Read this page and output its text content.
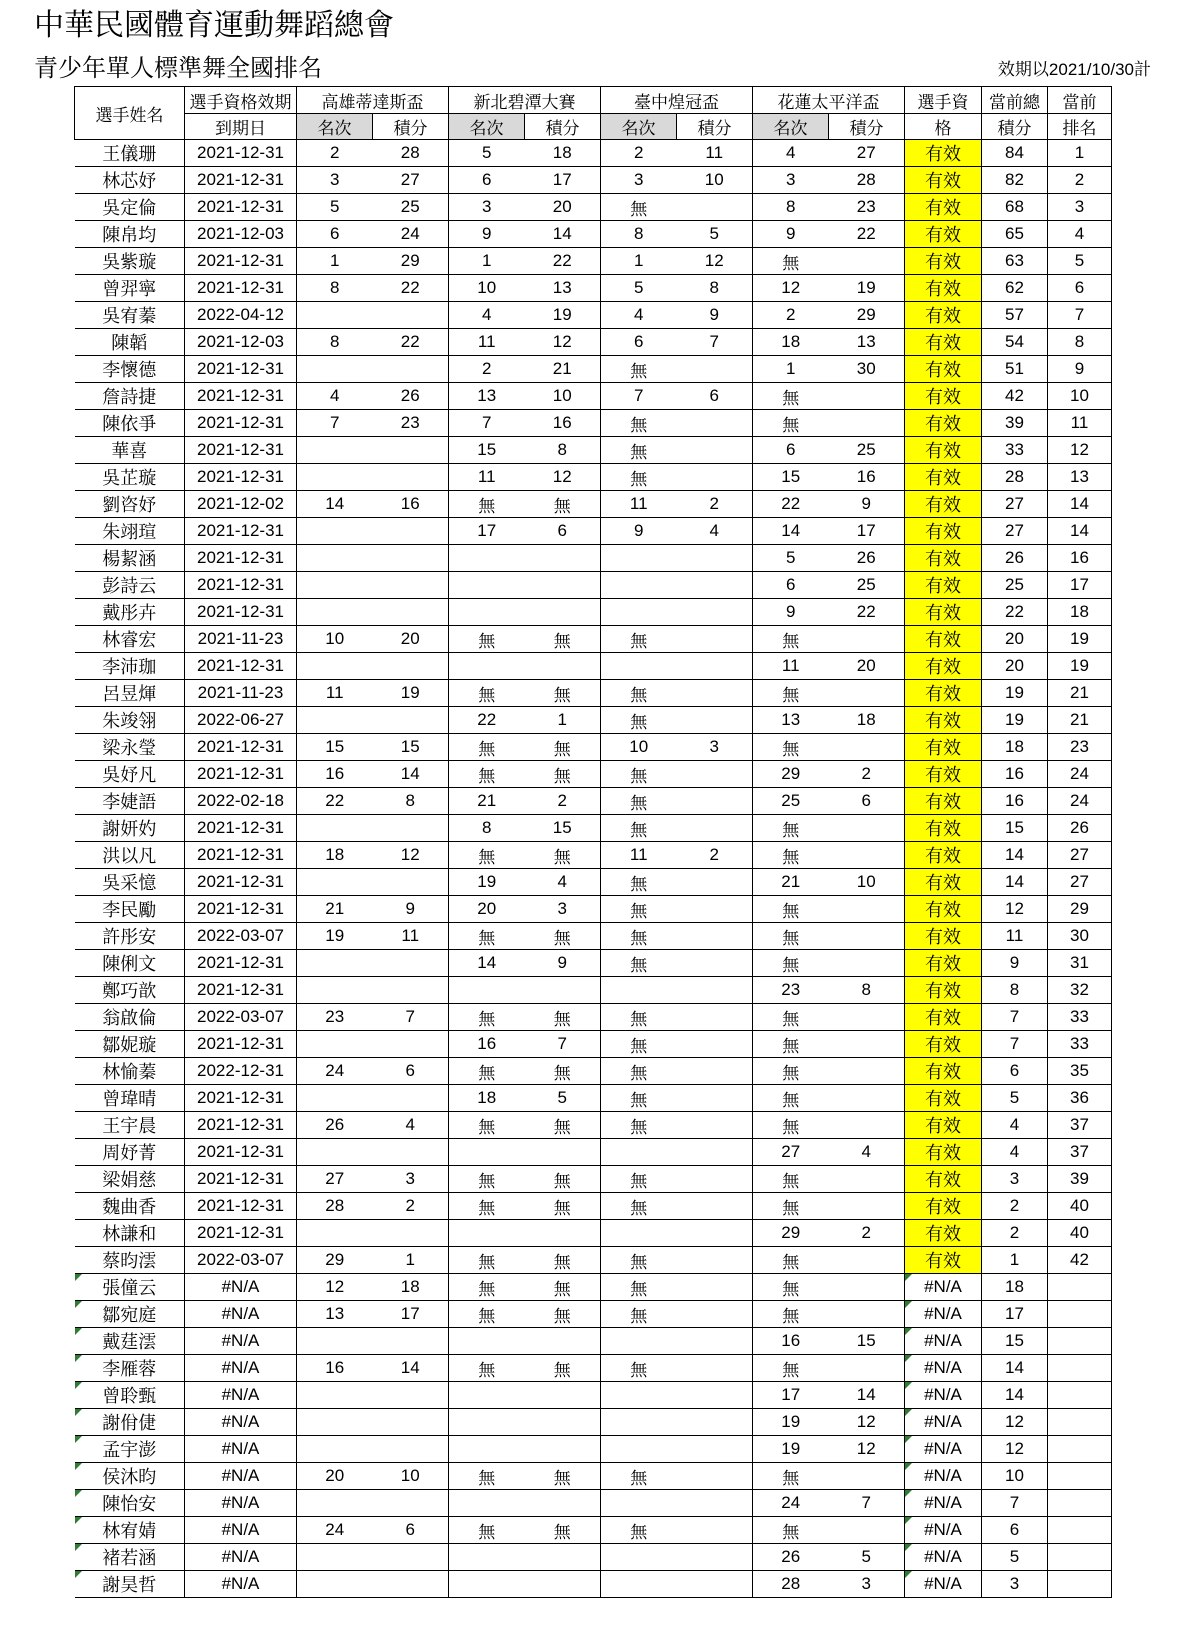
中華民國體育運動舞蹈總會
青少年單人標準舞全國排名	效期以2021/10/30計
選手姓名	選手資格效期	高雄蒂達斯盃		新北碧潭大賽		臺中煌冠盃		花蓮太平洋盃		選手資	當前總	當前
	到期日	名次	積分	名次	積分	名次	積分	名次	積分	格	積分	排名
王儀珊	2021-12-31	2	28	5	18	2	11	4	27	有效	84	1
林芯妤	2021-12-31	3	27	6	17	3	10	3	28	有效	82	2
吳定倫	2021-12-31	5	25	3	20	無		8	23	有效	68	3
陳帛均	2021-12-03	6	24	9	14	8	5	9	22	有效	65	4
吳紫璇	2021-12-31	1	29	1	22	1	12	無		有效	63	5
曾羿寧	2021-12-31	8	22	10	13	5	8	12	19	有效	62	6
吳宥蓁	2022-04-12			4	19	4	9	2	29	有效	57	7
陳韜	2021-12-03	8	22	11	12	6	7	18	13	有效	54	8
李懷德	2021-12-31			2	21	無		1	30	有效	51	9
詹詩捷	2021-12-31	4	26	13	10	7	6	無		有效	42	10
陳依爭	2021-12-31	7	23	7	16	無		無		有效	39	11
華喜	2021-12-31			15	8	無		6	25	有效	33	12
吳芷璇	2021-12-31			11	12	無		15	16	有效	28	13
劉咨妤	2021-12-02	14	16	無	無	11	2	22	9	有效	27	14
朱翊瑄	2021-12-31			17	6	9	4	14	17	有效	27	14
楊絜涵	2021-12-31							5	26	有效	26	16
彭詩云	2021-12-31							6	25	有效	25	17
戴彤卉	2021-12-31							9	22	有效	22	18
林睿宏	2021-11-23	10	20	無	無	無		無		有效	20	19
李沛珈	2021-12-31							11	20	有效	20	19
呂昱煇	2021-11-23	11	19	無	無	無		無		有效	19	21
朱竣翎	2022-06-27			22	1	無		13	18	有效	19	21
梁永瑩	2021-12-31	15	15	無	無	10	3	無		有效	18	23
吳妤凡	2021-12-31	16	14	無	無	無		29	2	有效	16	24
李婕語	2022-02-18	22	8	21	2	無		25	6	有效	16	24
謝妍妁	2021-12-31			8	15	無		無		有效	15	26
洪以凡	2021-12-31	18	12	無	無	11	2	無		有效	14	27
吳采憶	2021-12-31			19	4	無		21	10	有效	14	27
李民勵	2021-12-31	21	9	20	3	無		無		有效	12	29
許彤安	2022-03-07	19	11	無	無	無		無		有效	11	30
陳俐文	2021-12-31			14	9	無		無		有效	9	31
鄭巧歆	2021-12-31							23	8	有效	8	32
翁啟倫	2022-03-07	23	7	無	無	無		無		有效	7	33
鄒妮璇	2021-12-31			16	7	無		無		有效	7	33
林愉蓁	2022-12-31	24	6	無	無	無		無		有效	6	35
曾瑋晴	2021-12-31			18	5	無		無		有效	5	36
王宇晨	2021-12-31	26	4	無	無	無		無		有效	4	37
周妤菁	2021-12-31							27	4	有效	4	37
梁娟慈	2021-12-31	27	3	無	無	無		無		有效	3	39
魏曲香	2021-12-31	28	2	無	無	無		無		有效	2	40
林謙和	2021-12-31							29	2	有效	2	40
蔡昀澐	2022-03-07	29	1	無	無	無		無		有效	1	42
張僮云	#N/A	12	18	無	無	無		無		#N/A	18	
鄒宛庭	#N/A	13	17	無	無	無		無		#N/A	17	
戴莛澐	#N/A							16	15	#N/A	15	
李雁蓉	#N/A	16	14	無	無	無		無		#N/A	14	
曾聆甄	#N/A							17	14	#N/A	14	
謝佾倢	#N/A							19	12	#N/A	12	
孟宇澎	#N/A							19	12	#N/A	12	
侯沐昀	#N/A	20	10	無	無	無		無		#N/A	10	
陳怡安	#N/A							24	7	#N/A	7	
林宥婧	#N/A	24	6	無	無	無		無		#N/A	6	
褚若涵	#N/A							26	5	#N/A	5	
謝昊哲	#N/A							28	3	#N/A	3	
